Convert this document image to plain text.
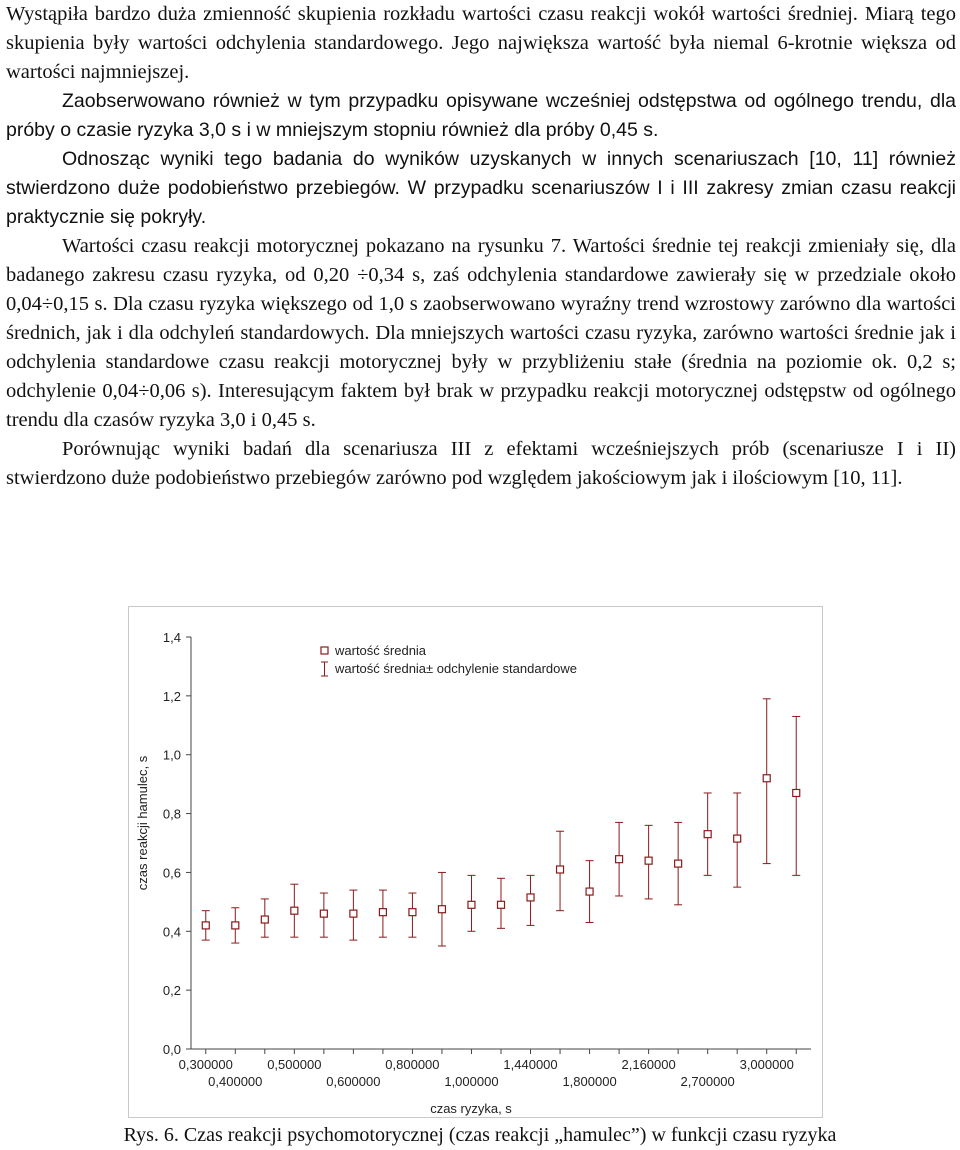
Wystąpiła bardzo duża zmienność skupienia rozkładu wartości czasu reakcji wokół wartości średniej. Miarą tego skupienia były wartości odchylenia standardowego. Jego największa wartość była niemal 6-krotnie większa od wartości najmniejszej.

Zaobserwowano również w tym przypadku opisywane wcześniej odstępstwa od ogólnego trendu, dla próby o czasie ryzyka 3,0 s i w mniejszym stopniu również dla próby 0,45 s.

Odnosząc wyniki tego badania do wyników uzyskanych w innych scenariuszach [10, 11] również stwierdzono duże podobieństwo przebiegów. W przypadku scenariuszów I i III zakresy zmian czasu reakcji praktycznie się pokryły.

Wartości czasu reakcji motorycznej pokazano na rysunku 7. Wartości średnie tej reakcji zmieniały się, dla badanego zakresu czasu ryzyka, od 0,20 ÷0,34 s, zaś odchylenia standardowe zawierały się w przedziale około 0,04÷0,15 s. Dla czasu ryzyka większego od 1,0 s zaobserwowano wyraźny trend wzrostowy zarówno dla wartości średnich, jak i dla odchyleń standardowych. Dla mniejszych wartości czasu ryzyka, zarówno wartości średnie jak i odchylenia standardowe czasu reakcji motorycznej były w przybliżeniu stałe (średnia na poziomie ok. 0,2 s; odchylenie 0,04÷0,06 s). Interesującym faktem był brak w przypadku reakcji motorycznej odstępstw od ogólnego trendu dla czasów ryzyka 3,0 i 0,45 s.

Porównując wyniki badań dla scenariusza III z efektami wcześniejszych prób (scenariusze I i II) stwierdzono duże podobieństwo przebiegów zarówno pod względem jakościowym jak i ilościowym [10, 11].

0,0
0,2
0,4
0,6
0,8
1,0
1,2
1,4
0,300000	0,500000	0,800000	1,440000	2,160000	3,000000
0,400000	0,600000	1,000000	1,800000	2,700000
czas ryzyka, s
czas reakcji hamulec, s
wartość średnia
wartość średnia± odchylenie standardowe
Rys. 6. Czas reakcji psychomotorycznej (czas reakcji „hamulec”) w funkcji czasu ryzyka
